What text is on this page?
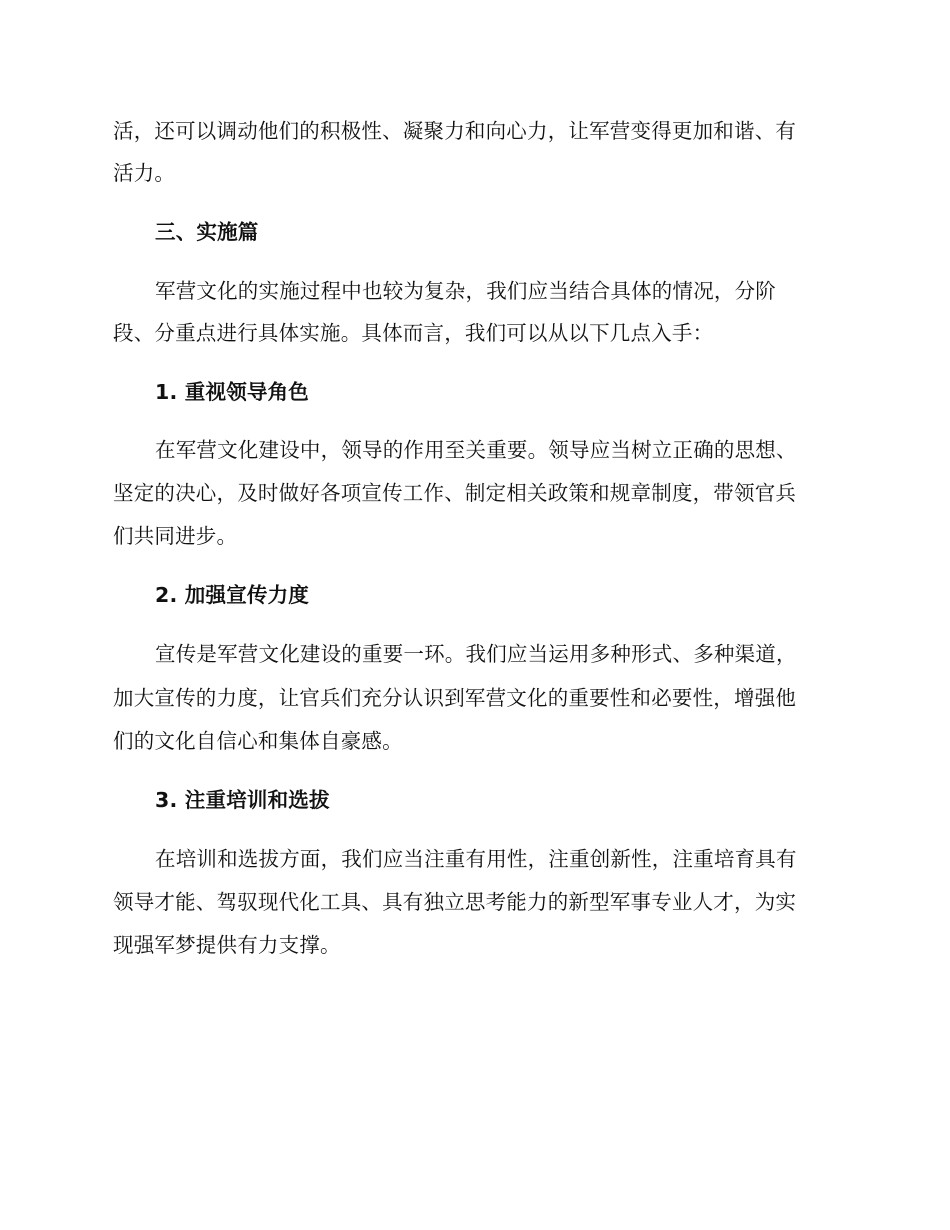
活，还可以调动他们的积极性、凝聚力和向心力，让军营变得更加和谐、有
活力。
三、实施篇
军营文化的实施过程中也较为复杂，我们应当结合具体的情况，分阶
段、分重点进行具体实施。具体而言，我们可以从以下几点入手：
1. 重视领导角色
在军营文化建设中，领导的作用至关重要。领导应当树立正确的思想、
坚定的决心，及时做好各项宣传工作、制定相关政策和规章制度，带领官兵
们共同进步。
2. 加强宣传力度
宣传是军营文化建设的重要一环。我们应当运用多种形式、多种渠道，
加大宣传的力度，让官兵们充分认识到军营文化的重要性和必要性，增强他
们的文化自信心和集体自豪感。
3. 注重培训和选拔
在培训和选拔方面，我们应当注重有用性，注重创新性，注重培育具有
领导才能、驾驭现代化工具、具有独立思考能力的新型军事专业人才，为实
现强军梦提供有力支撑。
